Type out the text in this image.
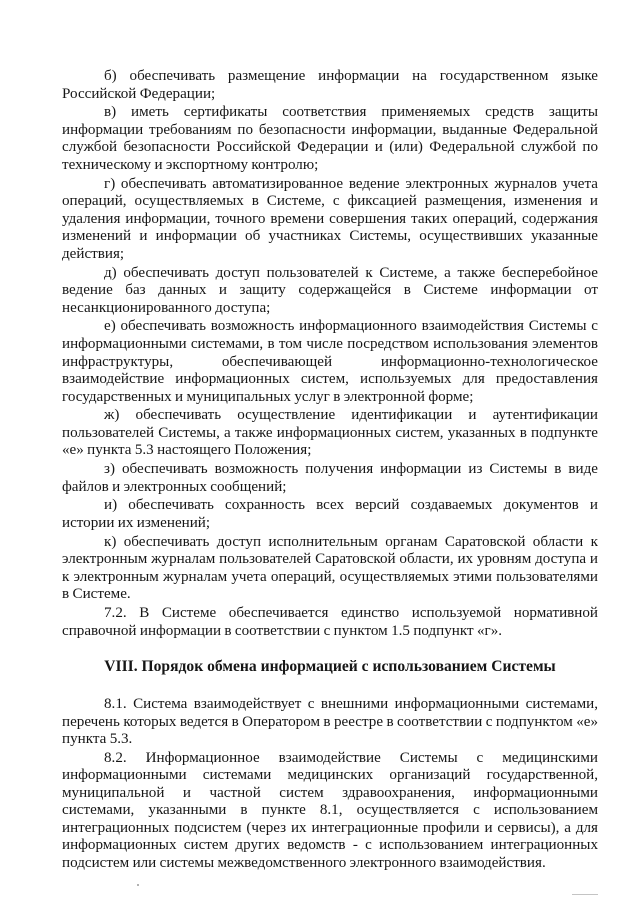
б) обеспечивать размещение информации на государственном языке Российской Федерации;

в) иметь сертификаты соответствия применяемых средств защиты информации требованиям по безопасности информации, выданные Федеральной службой безопасности Российской Федерации и (или) Федеральной службой по техническому и экспортному контролю;

г) обеспечивать автоматизированное ведение электронных журналов учета операций, осуществляемых в Системе, с фиксацией размещения, изменения и удаления информации, точного времени совершения таких операций, содержания изменений и информации об участниках Системы, осуществивших указанные действия;

д) обеспечивать доступ пользователей к Системе, а также бесперебойное ведение баз данных и защиту содержащейся в Системе информации от несанкционированного доступа;

е) обеспечивать возможность информационного взаимодействия Системы с информационными системами, в том числе посредством использования элементов инфраструктуры, обеспечивающей информационно-технологическое взаимодействие информационных систем, используемых для предоставления государственных и муниципальных услуг в электронной форме;

ж) обеспечивать осуществление идентификации и аутентификации пользователей Системы, а также информационных систем, указанных в подпункте «е» пункта 5.3 настоящего Положения;

з) обеспечивать возможность получения информации из Системы в виде файлов и электронных сообщений;

и) обеспечивать сохранность всех версий создаваемых документов и истории их изменений;

к) обеспечивать доступ исполнительным органам Саратовской области к электронным журналам пользователей Саратовской области, их уровням доступа и к электронным журналам учета операций, осуществляемых этими пользователями в Системе.

7.2. В Системе обеспечивается единство используемой нормативной справочной информации в соответствии с пунктом 1.5 подпункт «г».

VIII. Порядок обмена информацией с использованием Системы

8.1. Система взаимодействует с внешними информационными системами, перечень которых ведется в Оператором в реестре в соответствии с подпунктом «е» пункта 5.3.

8.2. Информационное взаимодействие Системы с медицинскими информационными системами медицинских организаций государственной, муниципальной и частной систем здравоохранения, информационными системами, указанными в пункте 8.1, осуществляется с использованием интеграционных подсистем (через их интеграционные профили и сервисы), а для информационных систем других ведомств - с использованием интеграционных подсистем или системы межведомственного электронного взаимодействия.
